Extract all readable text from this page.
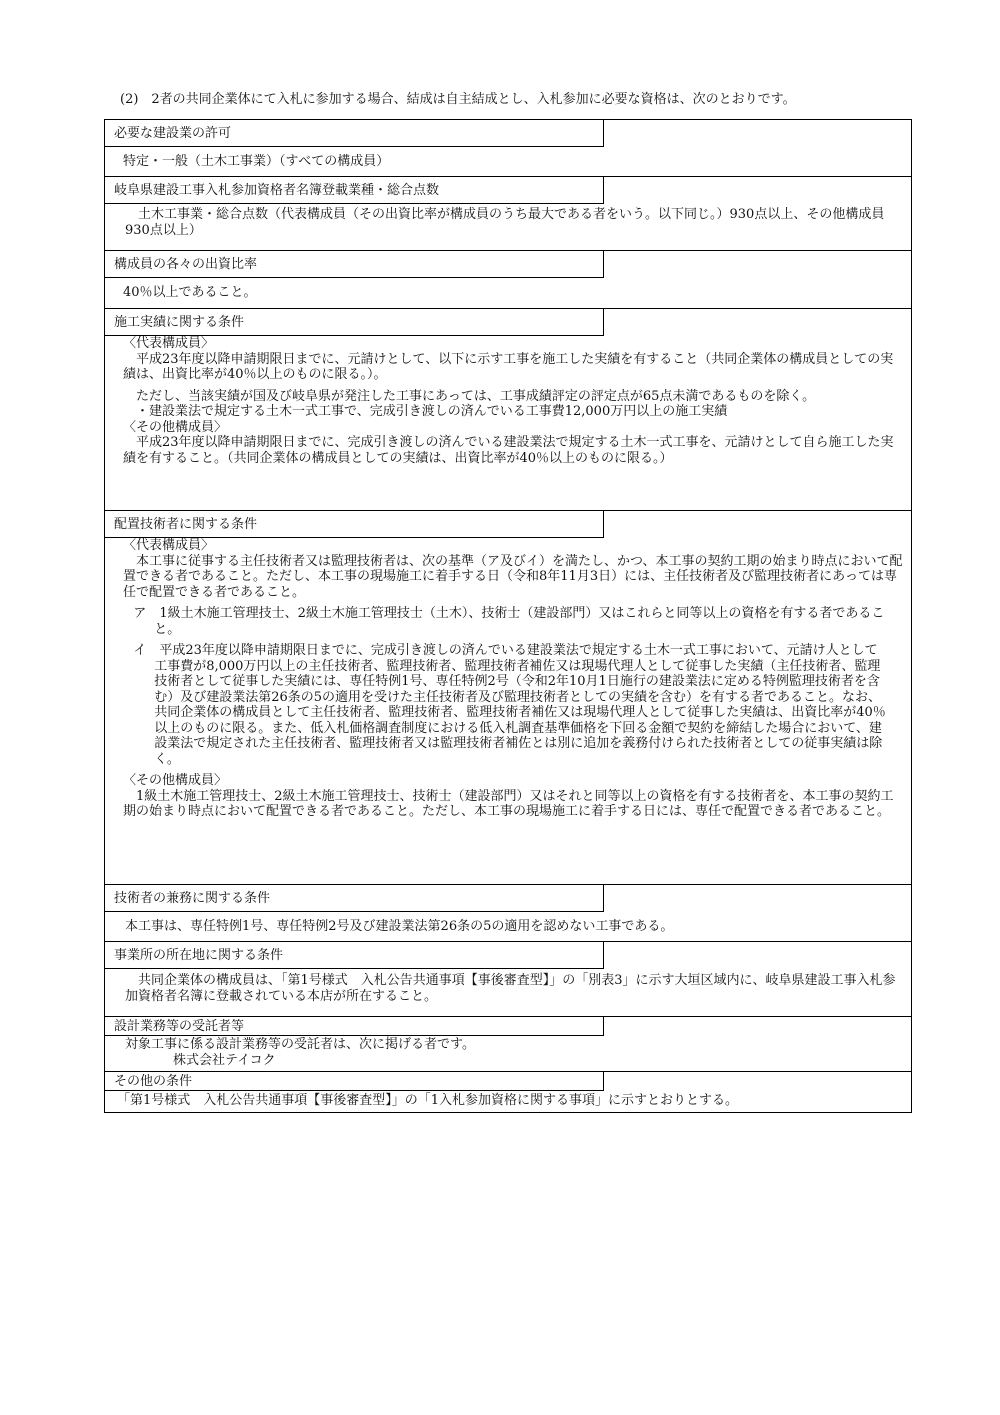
(2)　2者の共同企業体にて入札に参加する場合、結成は自主結成とし、入札参加に必要な資格は、次のとおりです。
必要な建設業の許可

特定・一般（土木工事業）（すべての構成員）

岐阜県建設工事入札参加資格者名簿登載業種・総合点数

土木工事業・総合点数（代表構成員（その出資比率が構成員のうち最大である者をいう。以下同じ。）930点以上、その他構成員930点以上）

構成員の各々の出資比率

40％以上であること。

施工実績に関する条件

〈代表構成員〉

平成23年度以降申請期限日までに、元請けとして、以下に示す工事を施工した実績を有すること（共同企業体の構成員としての実績は、出資比率が40％以上のものに限る。）。

ただし、当該実績が国及び岐阜県が発注した工事にあっては、工事成績評定の評定点が65点未満であるものを除く。

・建設業法で規定する土木一式工事で、完成引き渡しの済んでいる工事費12,000万円以上の施工実績

〈その他構成員〉

平成23年度以降申請期限日までに、完成引き渡しの済んでいる建設業法で規定する土木一式工事を、元請けとして自ら施工した実績を有すること。（共同企業体の構成員としての実績は、出資比率が40％以上のものに限る。）

配置技術者に関する条件

〈代表構成員〉

本工事に従事する主任技術者又は監理技術者は、次の基準（ア及びイ）を満たし、かつ、本工事の契約工期の始まり時点において配置できる者であること。ただし、本工事の現場施工に着手する日（令和8年11月3日）には、主任技術者及び監理技術者にあっては専任で配置できる者であること。

ア　1級土木施工管理技士、2級土木施工管理技士（土木）、技術士（建設部門）又はこれらと同等以上の資格を有する者であること。

イ　平成23年度以降申請期限日までに、完成引き渡しの済んでいる建設業法で規定する土木一式工事において、元請け人として工事費が8,000万円以上の主任技術者、監理技術者、監理技術者補佐又は現場代理人として従事した実績（主任技術者、監理技術者として従事した実績には、専任特例1号、専任特例2号（令和2年10月1日施行の建設業法に定める特例監理技術者を含む）及び建設業法第26条の5の適用を受けた主任技術者及び監理技術者としての実績を含む）を有する者であること。なお、共同企業体の構成員として主任技術者、監理技術者、監理技術者補佐又は現場代理人として従事した実績は、出資比率が40％以上のものに限る。また、低入札価格調査制度における低入札調査基準価格を下回る金額で契約を締結した場合において、建設業法で規定された主任技術者、監理技術者又は監理技術者補佐とは別に追加を義務付けられた技術者としての従事実績は除く。

〈その他構成員〉

1級土木施工管理技士、2級土木施工管理技士、技術士（建設部門）又はそれと同等以上の資格を有する技術者を、本工事の契約工期の始まり時点において配置できる者であること。ただし、本工事の現場施工に着手する日には、専任で配置できる者であること。

技術者の兼務に関する条件

本工事は、専任特例1号、専任特例2号及び建設業法第26条の5の適用を認めない工事である。

事業所の所在地に関する条件

共同企業体の構成員は、「第1号様式　入札公告共通事項【事後審査型】」の「別表3」に示す大垣区域内に、岐阜県建設工事入札参加資格者名簿に登載されている本店が所在すること。

設計業務等の受託者等

対象工事に係る設計業務等の受託者は、次に掲げる者です。

株式会社テイコク

その他の条件

「第1号様式　入札公告共通事項【事後審査型】」の「1入札参加資格に関する事項」に示すとおりとする。
